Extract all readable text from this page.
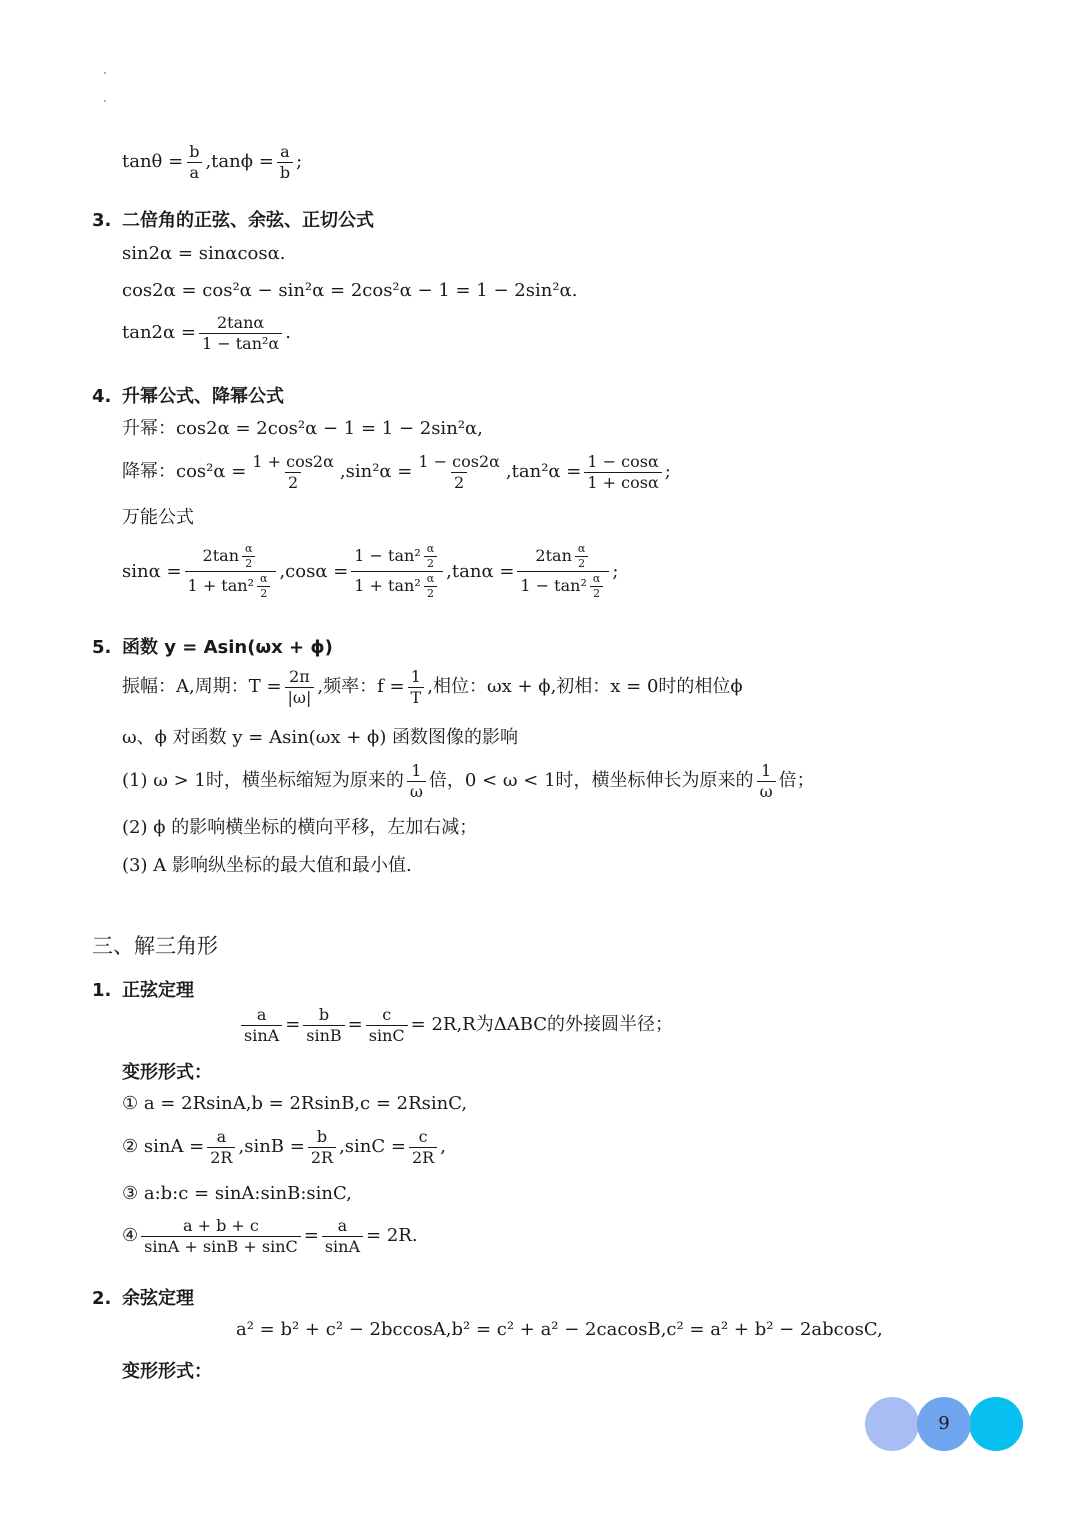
$\tan\theta = \frac{b}{a} ,\tan\phi = \frac{a}{b}$ ;
3. 二倍角的正弦、余弦、正切公式
sin2α = sinαcosα.
cos2α = cos²α − sin²α = 2cos²α − 1 = 1 − 2sin²α.
$\tan 2\alpha = \frac{2\tan\alpha}{\text{1 − tan²α}}$ .
4. 升幂公式、降幂公式
升幂：cos2α = 2cos²α − 1 = 1 − 2sin²α,
降幂：$\cos^2\alpha = \frac{1 + \cos 2\alpha}{2} ,\sin^2\alpha = \frac{1 - \cos 2\alpha}{2} ,\tan^2\alpha = \frac{1 - \cos\alpha}{1 + \cos\alpha}$ ;
万能公式
$\sin\alpha = \frac{2\tan \frac{\alpha}{2}}{1 + \tan^2 \frac{\alpha}{2}} ,\cos\alpha = \frac{1 - \tan^2 \frac{\alpha}{2}}{1 + \tan^2 \frac{\alpha}{2}} ,\tan\alpha = \frac{2\tan \frac{\alpha}{2}}{1 - \tan^2 \frac{\alpha}{2}}$ ;
5. 函数 y = Asin(ωx + ϕ)
振幅：A,周期：$T = \frac{2\pi}{|\omega|}$ ,频率：$f = \frac{1}{T}$ ,相位：ωx + ϕ,初相：x = 0时的相位ϕ
ω、ϕ 对函数 y = Asin(ωx + ϕ) 函数图像的影响
(1) ω > 1时，横坐标缩短为原来的 $\frac{1}{\omega}$ 倍，0 < ω < 1时，横坐标伸长为原来的 $\frac{1}{\omega}$ 倍；
(2) ϕ 的影响横坐标的横向平移，左加右减；
(3) A 影响纵坐标的最大值和最小值.
三、解三角形
1. 正弦定理
$\frac{a}{\sin A} = \frac{b}{\sin B} = \frac{c}{\sin C} = 2R,R$为ΔABC的外接圆半径；
变形形式：
① a = 2RsinA,b = 2RsinB,c = 2RsinC,
② $\sin A = \frac{a}{2R} ,\sin B = \frac{b}{2R} ,\sin C = \frac{c}{2R}$ ,
③ a:b:c = sinA:sinB:sinC,
④ $\frac{a + b + c}{\sin A + \sin B + \sin C} = \frac{a}{\sin A} = 2R$.
2. 余弦定理
a² = b² + c² − 2bccosA,b² = c² + a² − 2cacosB,c² = a² + b² − 2abcosC,
变形形式：
9
